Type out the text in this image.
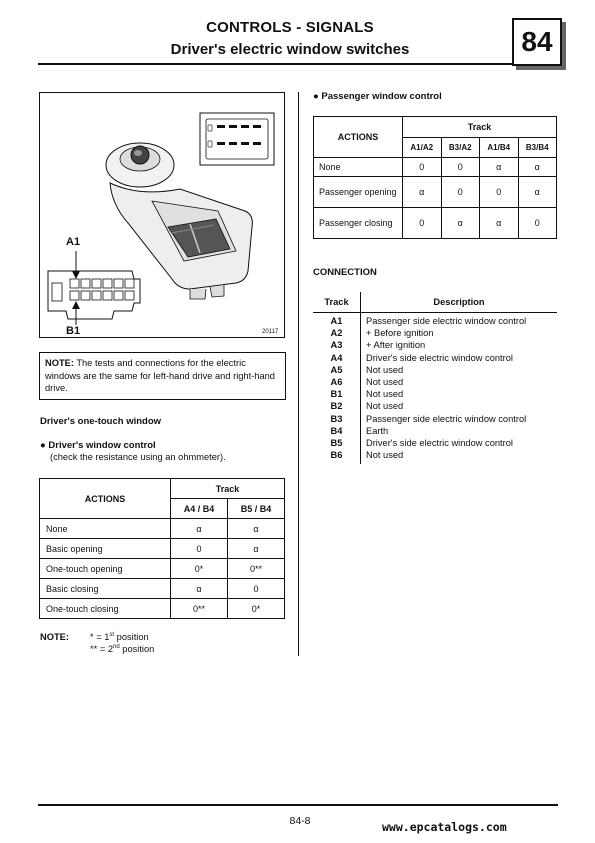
CONTROLS - SIGNALS
Driver's electric window switches	84
A1
B1	20117
NOTE: The tests and connections for the electric windows are the same for left-hand drive and right-hand drive.
Driver's one-touch window
● Driver's window control
(check the resistance using an ohmmeter).
ACTIONS	Track	
	A4 / B4	B5 / B4
None	α	α
Basic opening	0	α
One-touch opening	0*	0**
Basic closing	α	0
One-touch closing	0**	0*
NOTE: * = 1st position
** = 2nd position
● Passenger window control
ACTIONS	Track			
	A1/A2	B3/A2	A1/B4	B3/B4
None	0	0	α	α
Passenger opening	α	0	0	α
Passenger closing	0	α	α	0
CONNECTION
Track	Description
A1	Passenger side electric window control
A2	+ Before ignition
A3	+ After ignition
A4	Driver's side electric window control
A5	Not used
A6	Not used
B1	Not used
B2	Not used
B3	Passenger side electric window control
B4	Earth
B5	Driver's side electric window control
B6	Not used
84-8	www.epcatalogs.com
